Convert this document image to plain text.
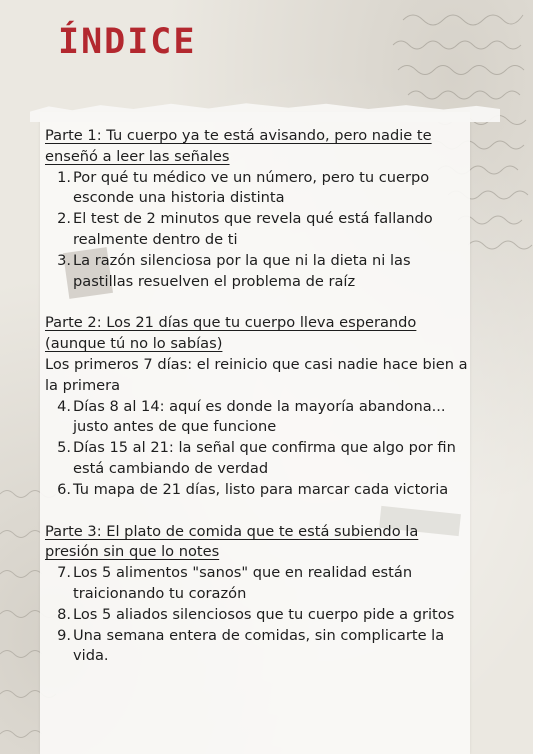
ÍNDICE

Parte 1: Tu cuerpo ya te está avisando, pero nadie te enseñó a leer las señales

1 . Por qué tu médico ve un número, pero tu cuerpo esconde una historia distinta
2 . El test de 2 minutos que revela qué está fallando realmente dentro de ti
3 . La razón silenciosa por la que ni la dieta ni las pastillas resuelven el problema de raíz

Parte 2: Los 21 días que tu cuerpo lleva esperando (aunque tú no lo sabías)

Los primeros 7 días: el reinicio que casi nadie hace bien a la primera

4 . Días 8 al 14: aquí es donde la mayoría abandona... justo antes de que funcione
5 . Días 15 al 21: la señal que confirma que algo por fin está cambiando de verdad
6 . Tu mapa de 21 días, listo para marcar cada victoria

Parte 3: El plato de comida que te está subiendo la presión sin que lo notes

7 . Los 5 alimentos "sanos" que en realidad están traicionando tu corazón
8 . Los 5 aliados silenciosos que tu cuerpo pide a gritos
9 . Una semana entera de comidas, sin complicarte la vida.
